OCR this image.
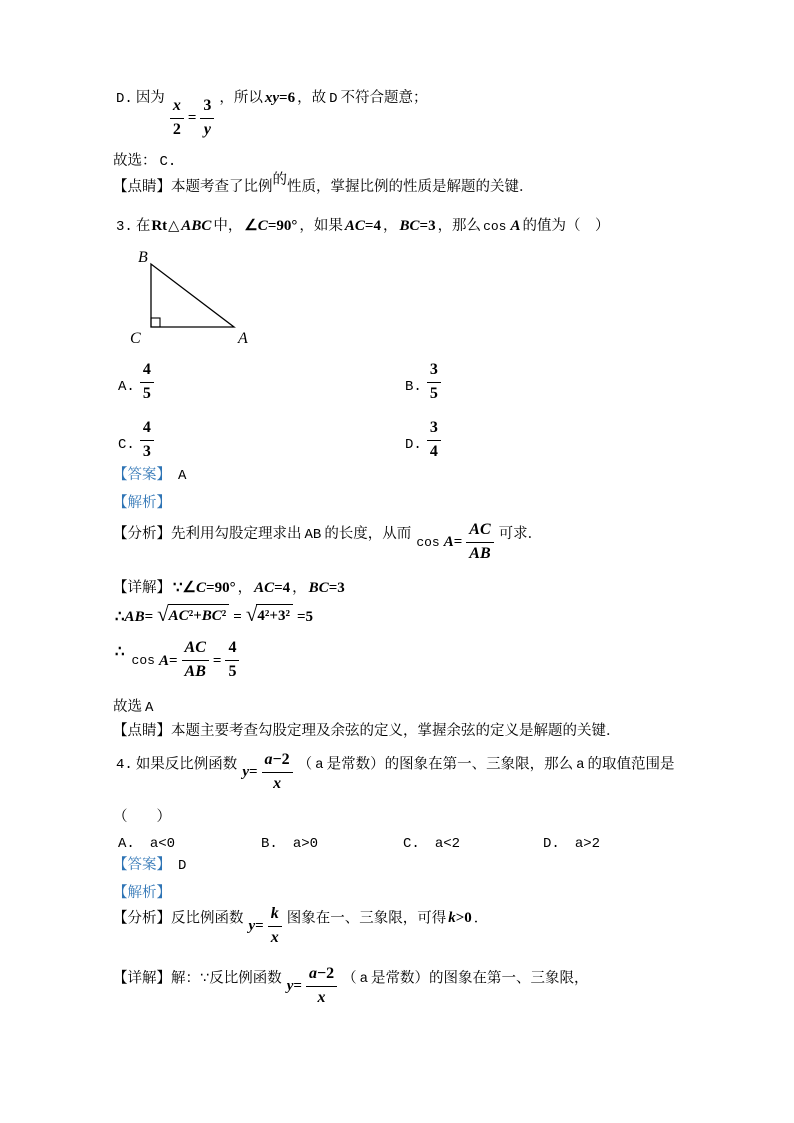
D. 因为 $\frac{x}{2} = \frac{3}{y}$ ，所以 xy=6 ，故 D 不符合题意；
故选： C.
【点睛】本题考查了比例的性质，掌握比例的性质是解题的关键．
3. 在Rt△ ABC 中， ∠C=90° ，如果 AC=4 ， BC=3 ，那么 cos A 的值为（　）
B
C	A
A. $\frac{4}{5}$	B. $\frac{3}{5}$
C. $\frac{4}{3}$	D. $\frac{3}{4}$
【答案】 A
【解析】
【分析】先利用勾股定理求出 AB 的长度，从而
$\cos A= \frac{AC}{AB}$ 可求．
【详解】 ∵∠C=90° ， AC=4 ， BC=3
∴AB= √ AC²+BC² = √ 4²+3² =5
∴
$\cos A= \frac{AC}{AB} = \frac{4}{5}$
故选 A
【点睛】本题主要考查勾股定理及余弦的定义，掌握余弦的定义是解题的关键．
4. 如果反比例函数 $y= \frac{a-2}{x}$ （ a 是常数）的图象在第一、三象限，那么 a 的取值范围是
（　　）
A. a<0	B. a>0	C. a<2	D. a>2
【答案】 D
【解析】
【分析】反比例函数 $y= \frac{k}{x}$ 图象在一、三象限，可得 k>0 ．
【详解】解：∵反比例函数 $y= \frac{a-2}{x}$ （ a 是常数）的图象在第一、三象限，
